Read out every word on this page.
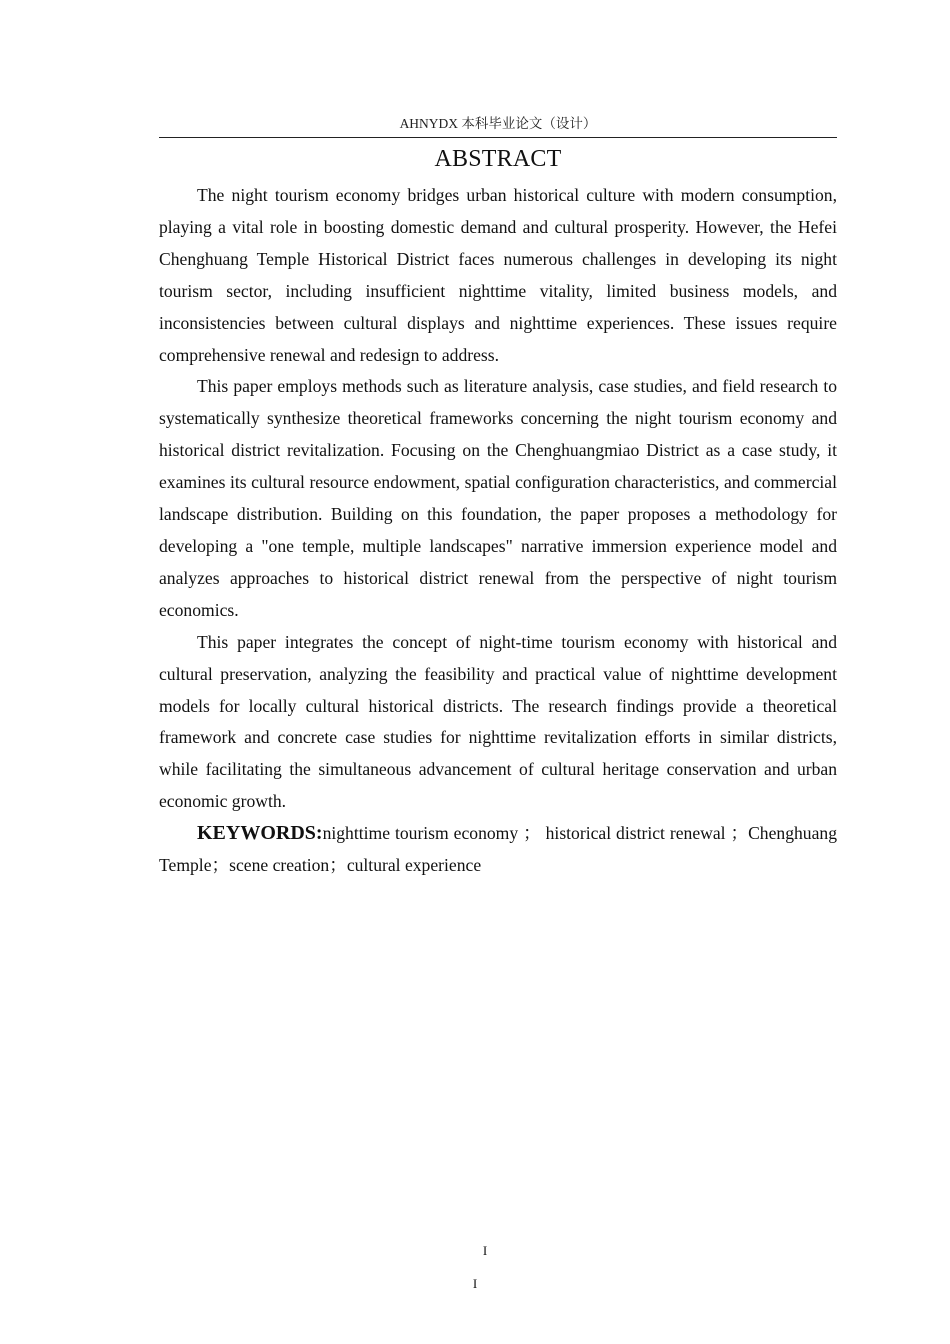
AHNYDX 本科毕业论文（设计）
ABSTRACT

The night tourism economy bridges urban historical culture with modern consumption, playing a vital role in boosting domestic demand and cultural prosperity. However, the Hefei Chenghuang Temple Historical District faces numerous challenges in developing its night tourism sector, including insufficient nighttime vitality, limited business models, and inconsistencies between cultural displays and nighttime experiences. These issues require comprehensive renewal and redesign to address.

This paper employs methods such as literature analysis, case studies, and field research to systematically synthesize theoretical frameworks concerning the night tourism economy and historical district revitalization. Focusing on the Chenghuangmiao District as a case study, it examines its cultural resource endowment, spatial configuration characteristics, and commercial landscape distribution. Building on this foundation, the paper proposes a methodology for developing a "one temple, multiple landscapes" narrative immersion experience model and analyzes approaches to historical district renewal from the perspective of night tourism economics.

This paper integrates the concept of night-time tourism economy with historical and cultural preservation, analyzing the feasibility and practical value of nighttime development models for locally cultural historical districts. The research findings provide a theoretical framework and concrete case studies for nighttime revitalization efforts in similar districts, while facilitating the simultaneous advancement of cultural heritage conservation and urban economic growth.

KEYWORDS:nighttime tourism economy ； historical district renewal ；Chenghuang Temple；scene creation；cultural experience

I
I
